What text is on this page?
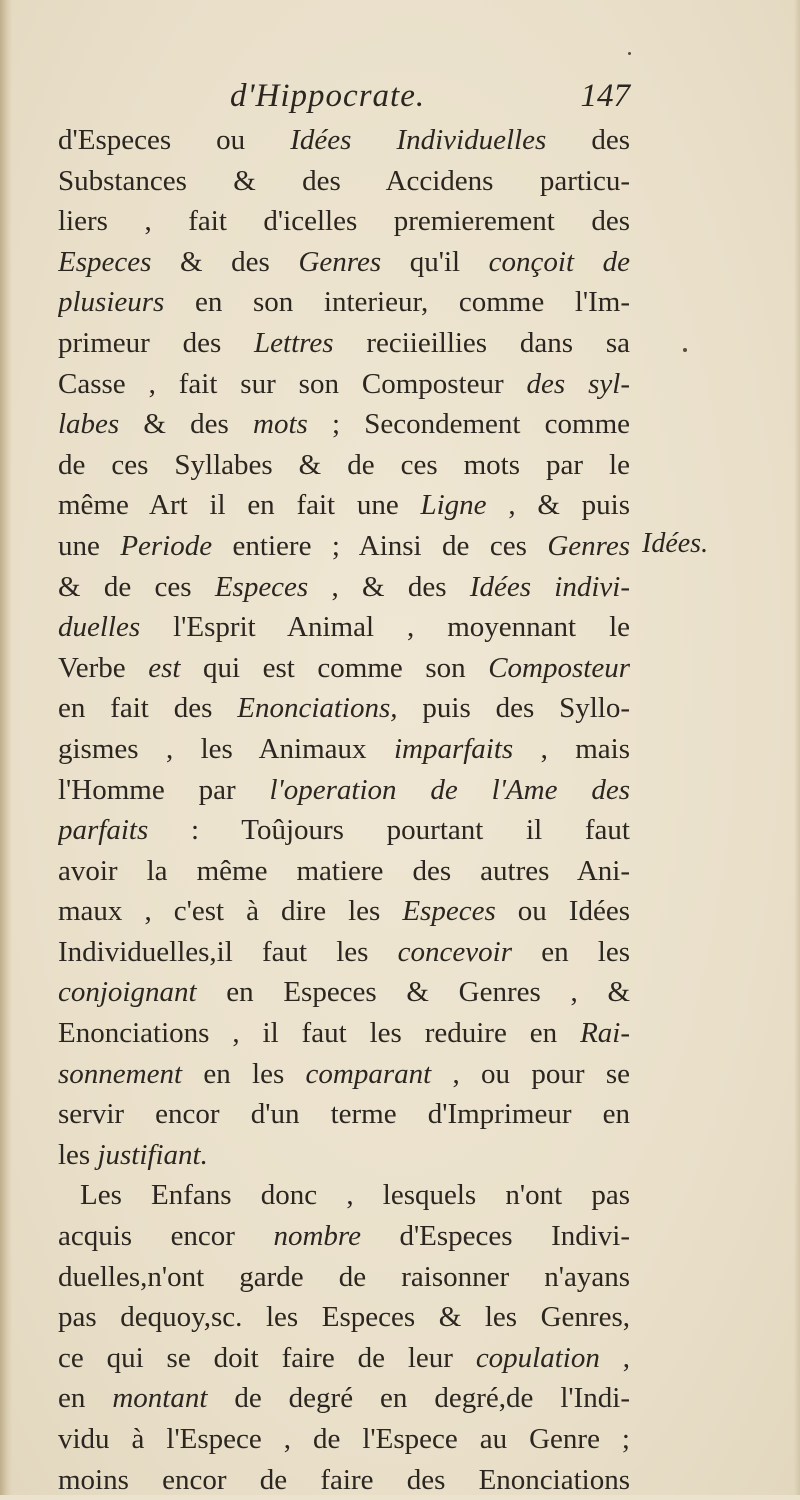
d'Hippocrate.	147
d'Especes ou Idées Individuelles des
Substances & des Accidens particu-
liers , fait d'icelles premierement des
Especes & des Genres qu'il conçoit de
plusieurs en son interieur, comme l'Im-
primeur des Lettres reciieillies dans sa
Casse , fait sur son Composteur des syl-
labes & des mots ; Secondement comme
de ces Syllabes & de ces mots par le
même Art il en fait une Ligne , & puis
une Periode entiere ; Ainsi de ces Genres
& de ces Especes , & des Idées indivi-
duelles l'Esprit Animal , moyennant le
Verbe est qui est comme son Composteur
en fait des Enonciations, puis des Syllo-
gismes , les Animaux imparfaits , mais
l'Homme par l'operation de l'Ame des
parfaits : Toûjours pourtant il faut
avoir la même matiere des autres Ani-
maux , c'est à dire les Especes ou Idées
Individuelles,il faut les concevoir en les
conjoignant en Especes & Genres , &
Enonciations , il faut les reduire en Rai-
sonnement en les comparant , ou pour se
servir encor d'un terme d'Imprimeur en
les justifiant.
Les Enfans donc , lesquels n'ont pas
acquis encor nombre d'Especes Indivi-
duelles,n'ont garde de raisonner n'ayans
pas dequoy,sc. les Especes & les Genres,
ce qui se doit faire de leur copulation ,
en montant de degré en degré,de l'Indi-
vidu à l'Espece , de l'Espece au Genre ;
moins encor de faire des Enonciations
Idées.
